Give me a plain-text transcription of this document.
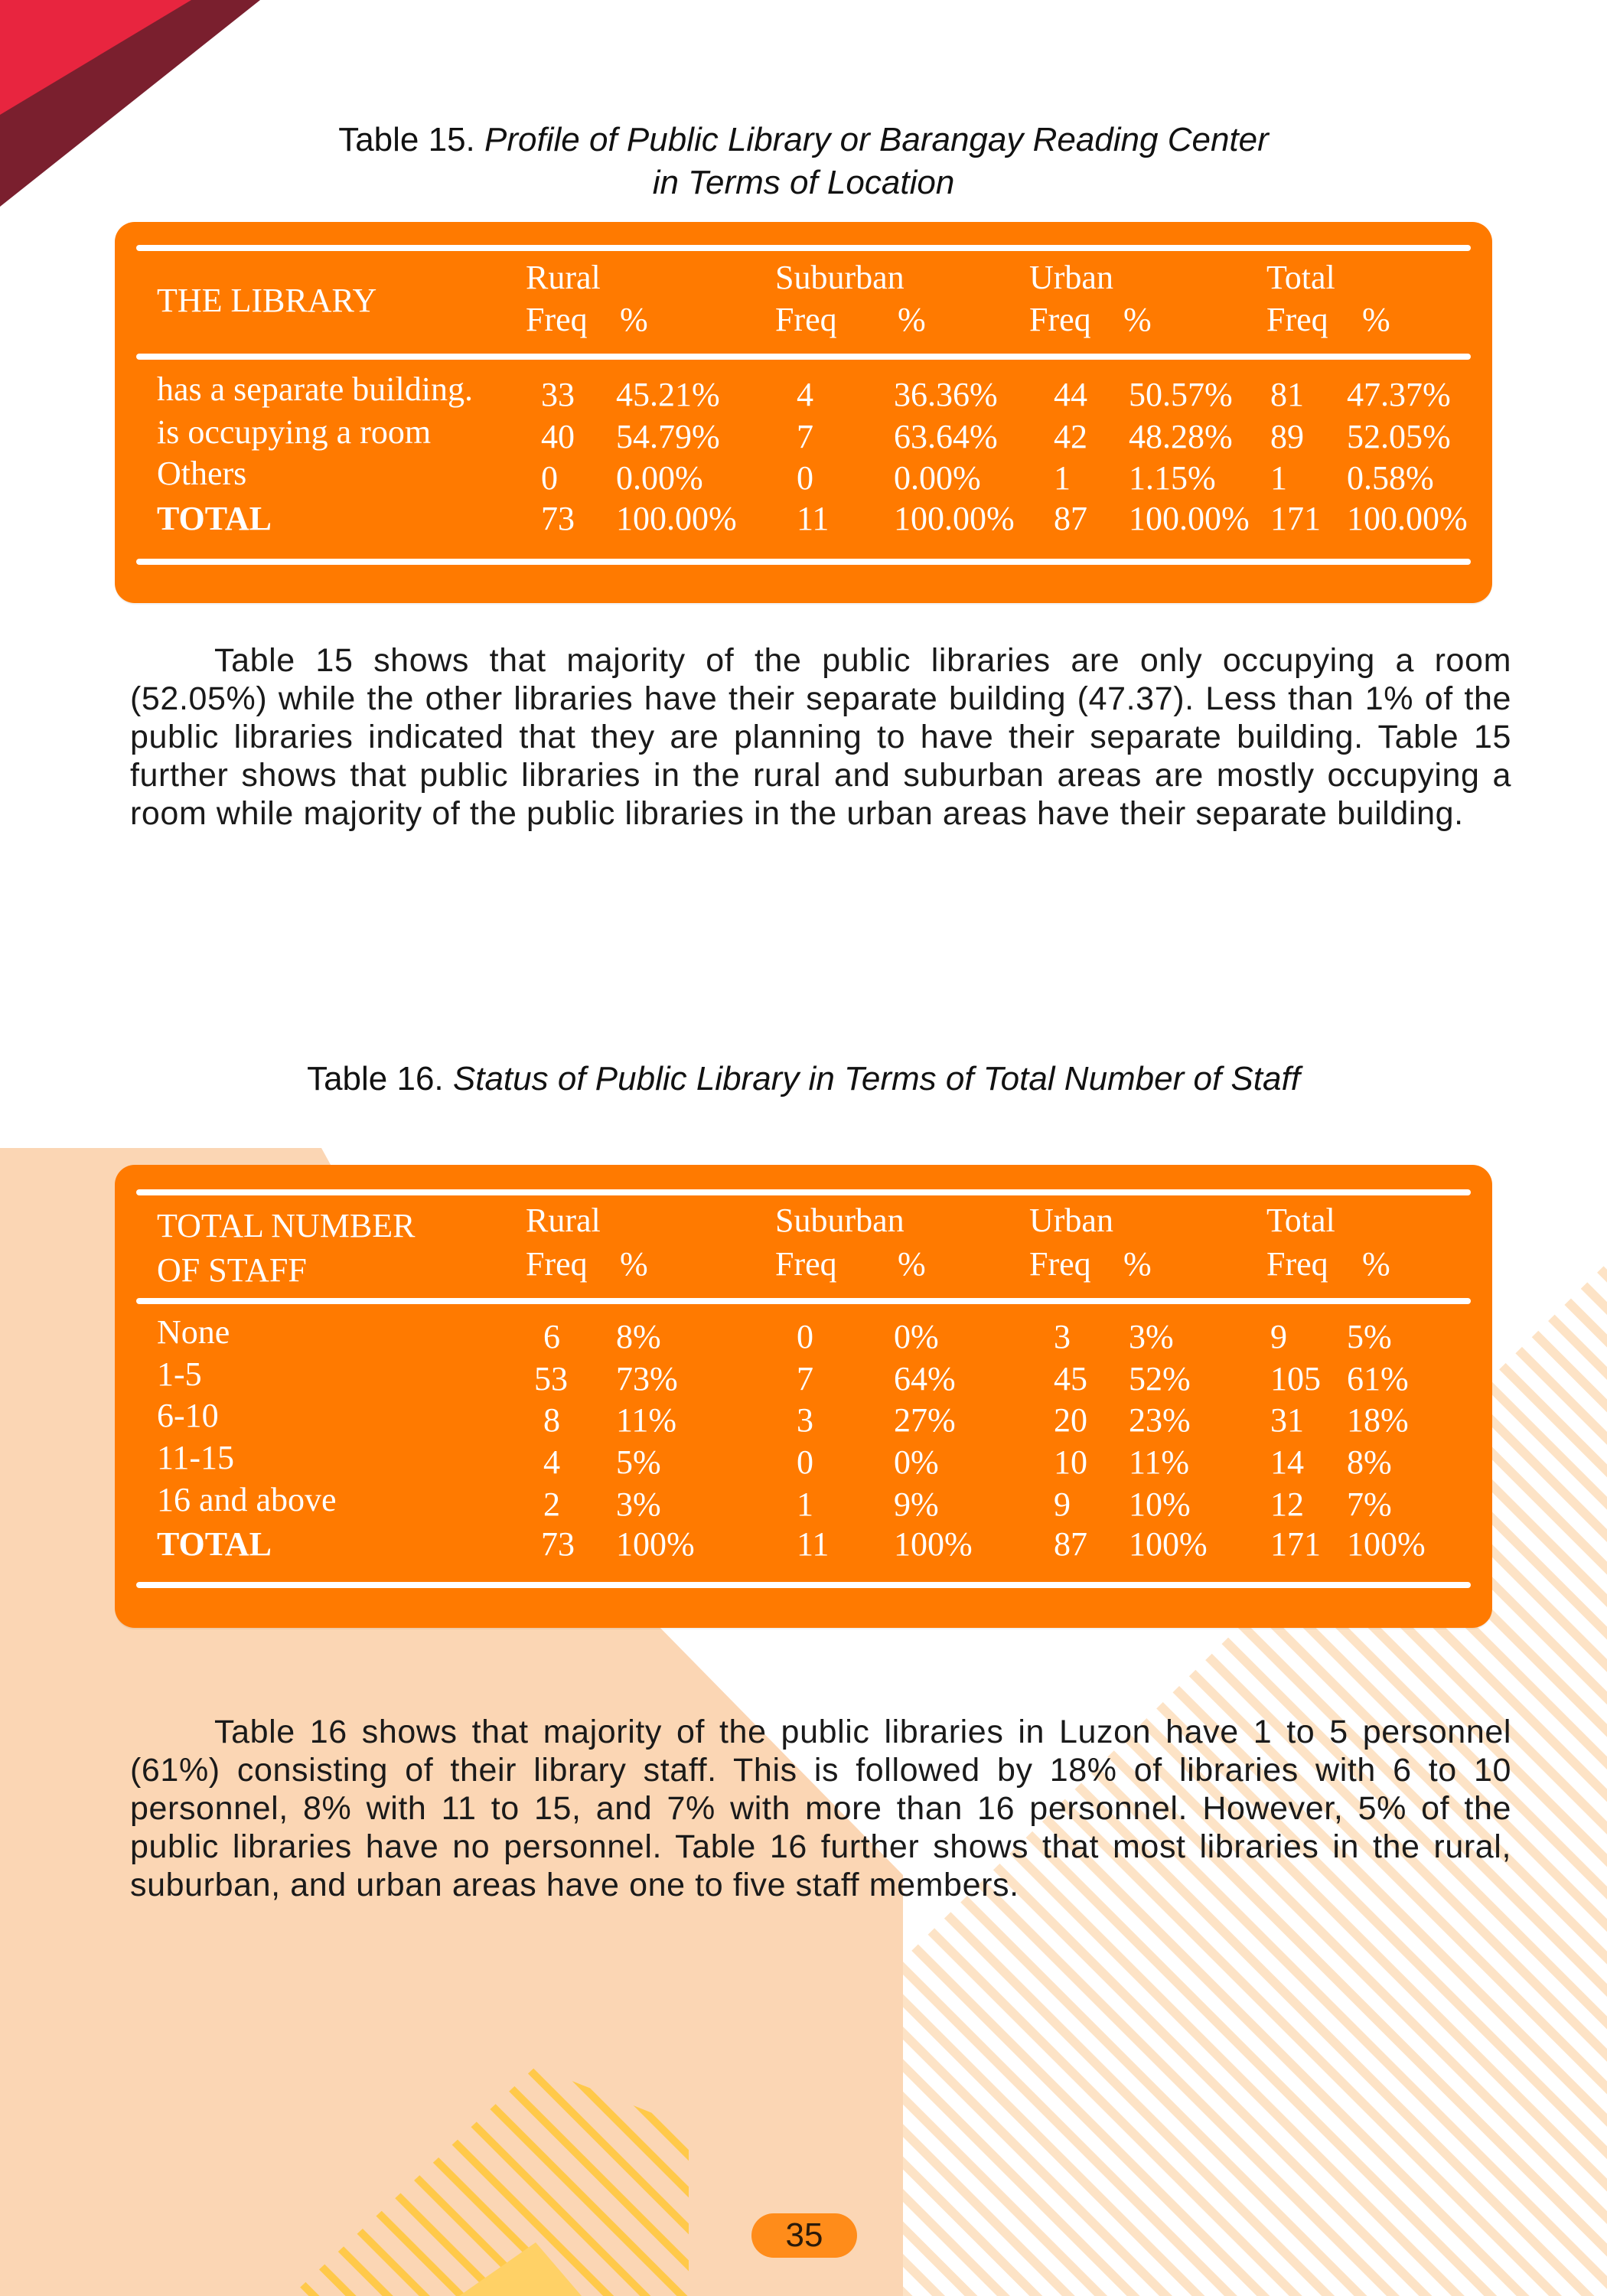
Table 15. Profile of Public Library or Barangay Reading Center
in Terms of Location
THE LIBRARY
Rural	Suburban	Urban	Total
Freq %	Freq %	Freq %	Freq %
has a separate building. 33 45.21% 4 36.36% 44 50.57% 81 47.37%
is occupying a room	40 54.79% 7 63.64% 42 48.28% 89 52.05%
Others	0 0.00%	0 0.00% 1 1.15% 1 0.58%
TOTAL	73 100.00% 11 100.00% 87 100.00% 171 100.00%
Table 15 shows that majority of the public libraries are only occupying a room (52.05%) while the other libraries have their separate building (47.37). Less than 1% of the public libraries indicated that they are planning to have their separate building. Table 15 further shows that public libraries in the rural and suburban areas are mostly occupying a room while majority of the public libraries in the urban areas have their separate building.
Table 16. Status of Public Library in Terms of Total Number of Staff
TOTAL NUMBER
OF STAFF
Rural	Suburban	Urban	Total
Freq %	Freq %	Freq %	Freq %
None	6 8%	0 0%	3 3%	9 5%
1-5	53 73%	7 64%	45 52% 105 61%
6-10	8 11%	3 27%	20 23% 31 18%
11-15	4 5%	0 0%	10 11% 14 8%
16 and above	2 3%	1 9%	9 10% 12 7%
TOTAL	73 100%	11 100% 87 100% 171 100%
Table 16 shows that majority of the public libraries in Luzon have 1 to 5 personnel (61%) consisting of their library staff. This is followed by 18% of libraries with 6 to 10 personnel, 8% with 11 to 15, and 7% with more than 16 personnel. However, 5% of the public libraries have no personnel. Table 16 further shows that most libraries in the rural, suburban, and urban areas have one to five staff members.
35
